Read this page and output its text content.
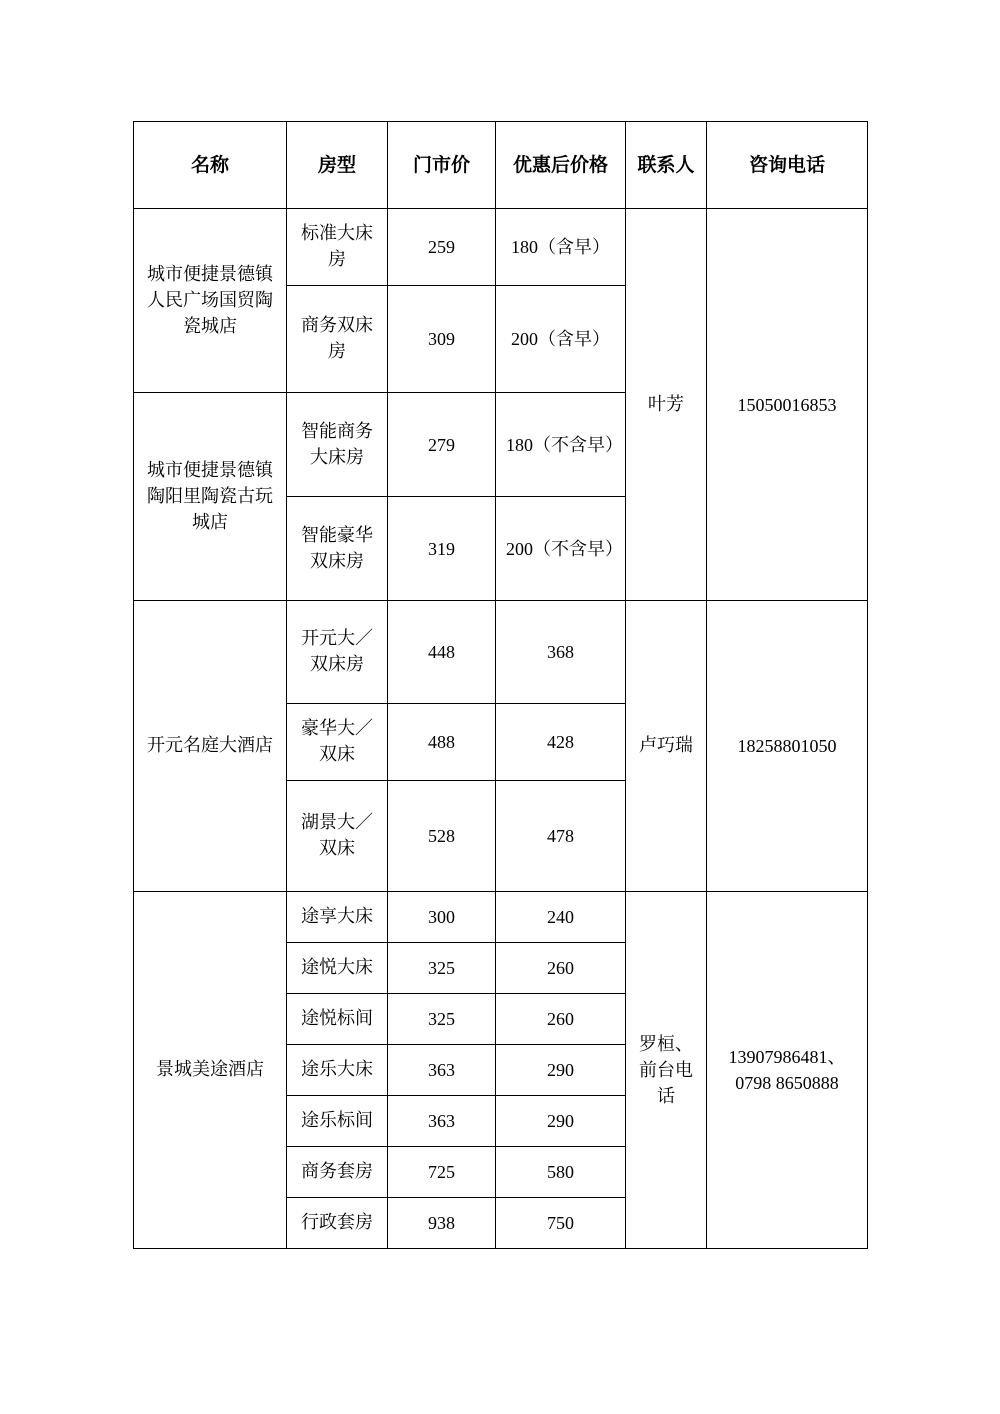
名称	房型	门市价	优惠后价格	联系人	咨询电话
城市便捷景德镇人民广场国贸陶瓷城店	标准大床房	259	180（含早）	叶芳	15050016853

	商务双床房	309	200（含早）		
城市便捷景德镇陶阳里陶瓷古玩城店	智能商务大床房	279	180（不含早）		
	智能豪华双床房	319	200（不含早）		
开元名庭大酒店	开元大／双床房	448	368	卢巧瑞	18258801050

	豪华大／双床	488	428		
	湖景大／双床	528	478		
景城美途酒店	途享大床	300	240	罗桓、前台电话	13907986481、
0798 8650888

	途悦大床	325	260		
	途悦标间	325	260		
	途乐大床	363	290		
	途乐标间	363	290		
	商务套房	725	580		
	行政套房	938	750		
